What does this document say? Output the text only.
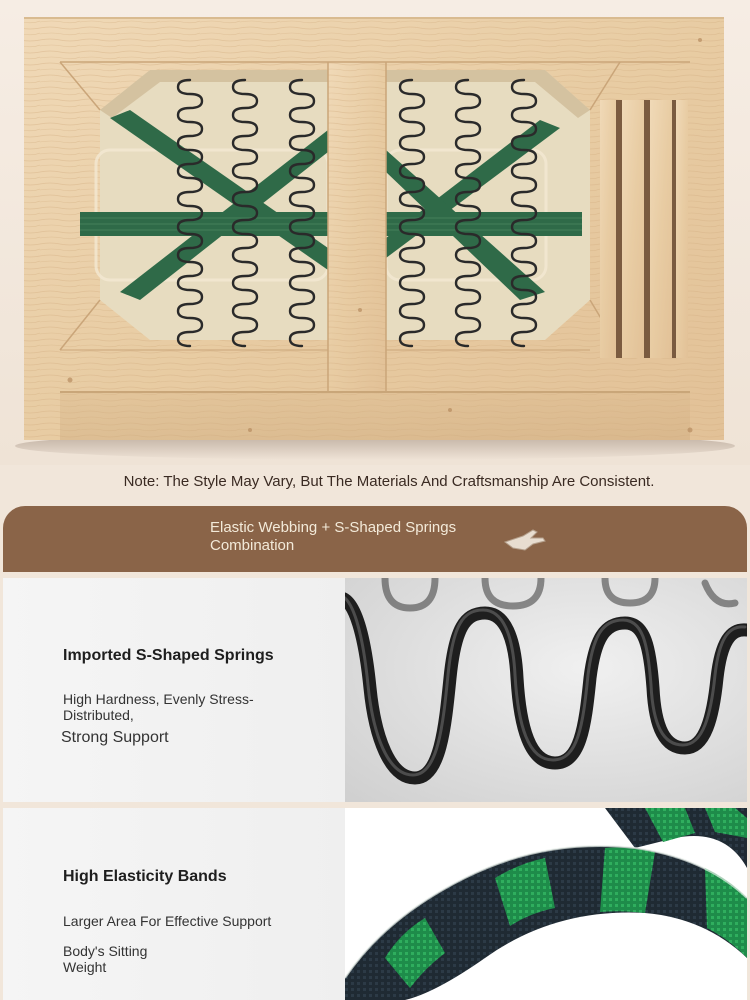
Note: The Style May Vary, But The Materials And Craftsmanship Are Consistent.
Elastic Webbing + S-Shaped Springs Combination
Imported S-Shaped Springs
High Hardness, Evenly Stress-Distributed,
Strong Support
High Elasticity Bands
Larger Area For Effective Support
Body's Sitting Weight
